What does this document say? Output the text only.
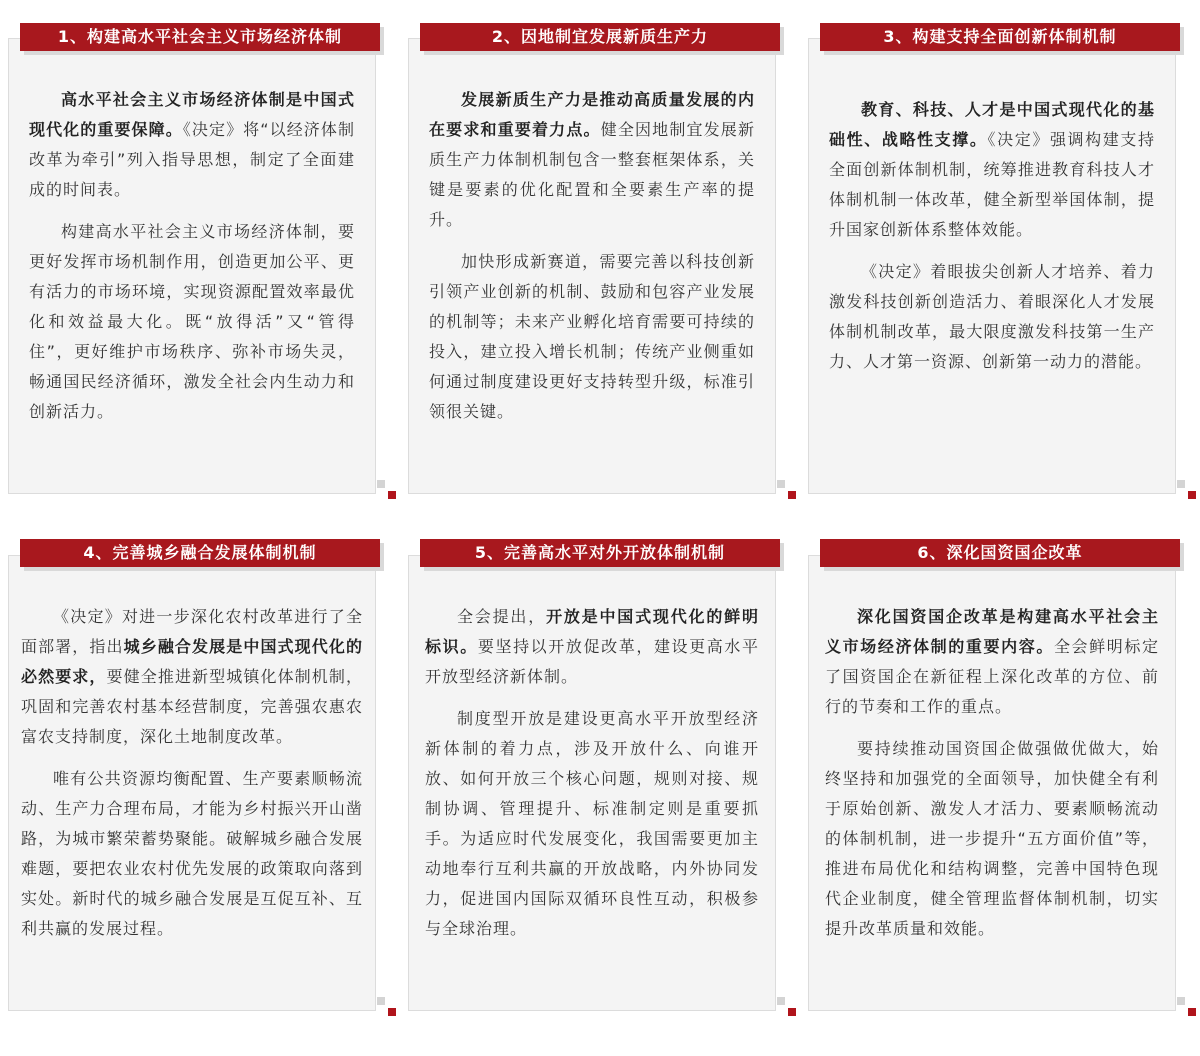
高水平社会主义市场经济体制是中国式现代化的重要保障。《决定》将“以经济体制改革为牵引”列入指导思想，制定了全面建成的时间表。

构建高水平社会主义市场经济体制，要更好发挥市场机制作用，创造更加公平、更有活力的市场环境，实现资源配置效率最优化和效益最大化。既“放得活”又“管得住”，更好维护市场秩序、弥补市场失灵，畅通国民经济循环，激发全社会内生动力和创新活力。

1、构建高水平社会主义市场经济体制

发展新质生产力是推动高质量发展的内在要求和重要着力点。健全因地制宜发展新质生产力体制机制包含一整套框架体系，关键是要素的优化配置和全要素生产率的提升。

加快形成新赛道，需要完善以科技创新引领产业创新的机制、鼓励和包容产业发展的机制等；未来产业孵化培育需要可持续的投入，建立投入增长机制；传统产业侧重如何通过制度建设更好支持转型升级，标准引领很关键。

2、因地制宜发展新质生产力

教育、科技、人才是中国式现代化的基础性、战略性支撑。《决定》强调构建支持全面创新体制机制，统筹推进教育科技人才体制机制一体改革，健全新型举国体制，提升国家创新体系整体效能。

《决定》着眼拔尖创新人才培养、着力激发科技创新创造活力、着眼深化人才发展体制机制改革，最大限度激发科技第一生产力、人才第一资源、创新第一动力的潜能。

3、构建支持全面创新体制机制

《决定》对进一步深化农村改革进行了全面部署，指出城乡融合发展是中国式现代化的必然要求，要健全推进新型城镇化体制机制，巩固和完善农村基本经营制度，完善强农惠农富农支持制度，深化土地制度改革。

唯有公共资源均衡配置、生产要素顺畅流动、生产力合理布局，才能为乡村振兴开山凿路，为城市繁荣蓄势聚能。破解城乡融合发展难题，要把农业农村优先发展的政策取向落到实处。新时代的城乡融合发展是互促互补、互利共赢的发展过程。

4、完善城乡融合发展体制机制

全会提出，开放是中国式现代化的鲜明标识。要坚持以开放促改革，建设更高水平开放型经济新体制。

制度型开放是建设更高水平开放型经济新体制的着力点，涉及开放什么、向谁开放、如何开放三个核心问题，规则对接、规制协调、管理提升、标准制定则是重要抓手。为适应时代发展变化，我国需要更加主动地奉行互利共赢的开放战略，内外协同发力，促进国内国际双循环良性互动，积极参与全球治理。

5、完善高水平对外开放体制机制

深化国资国企改革是构建高水平社会主义市场经济体制的重要内容。全会鲜明标定了国资国企在新征程上深化改革的方位、前行的节奏和工作的重点。

要持续推动国资国企做强做优做大，始终坚持和加强党的全面领导，加快健全有利于原始创新、激发人才活力、要素顺畅流动的体制机制，进一步提升“五方面价值”等，推进布局优化和结构调整，完善中国特色现代企业制度，健全管理监督体制机制，切实提升改革质量和效能。

6、深化国资国企改革
